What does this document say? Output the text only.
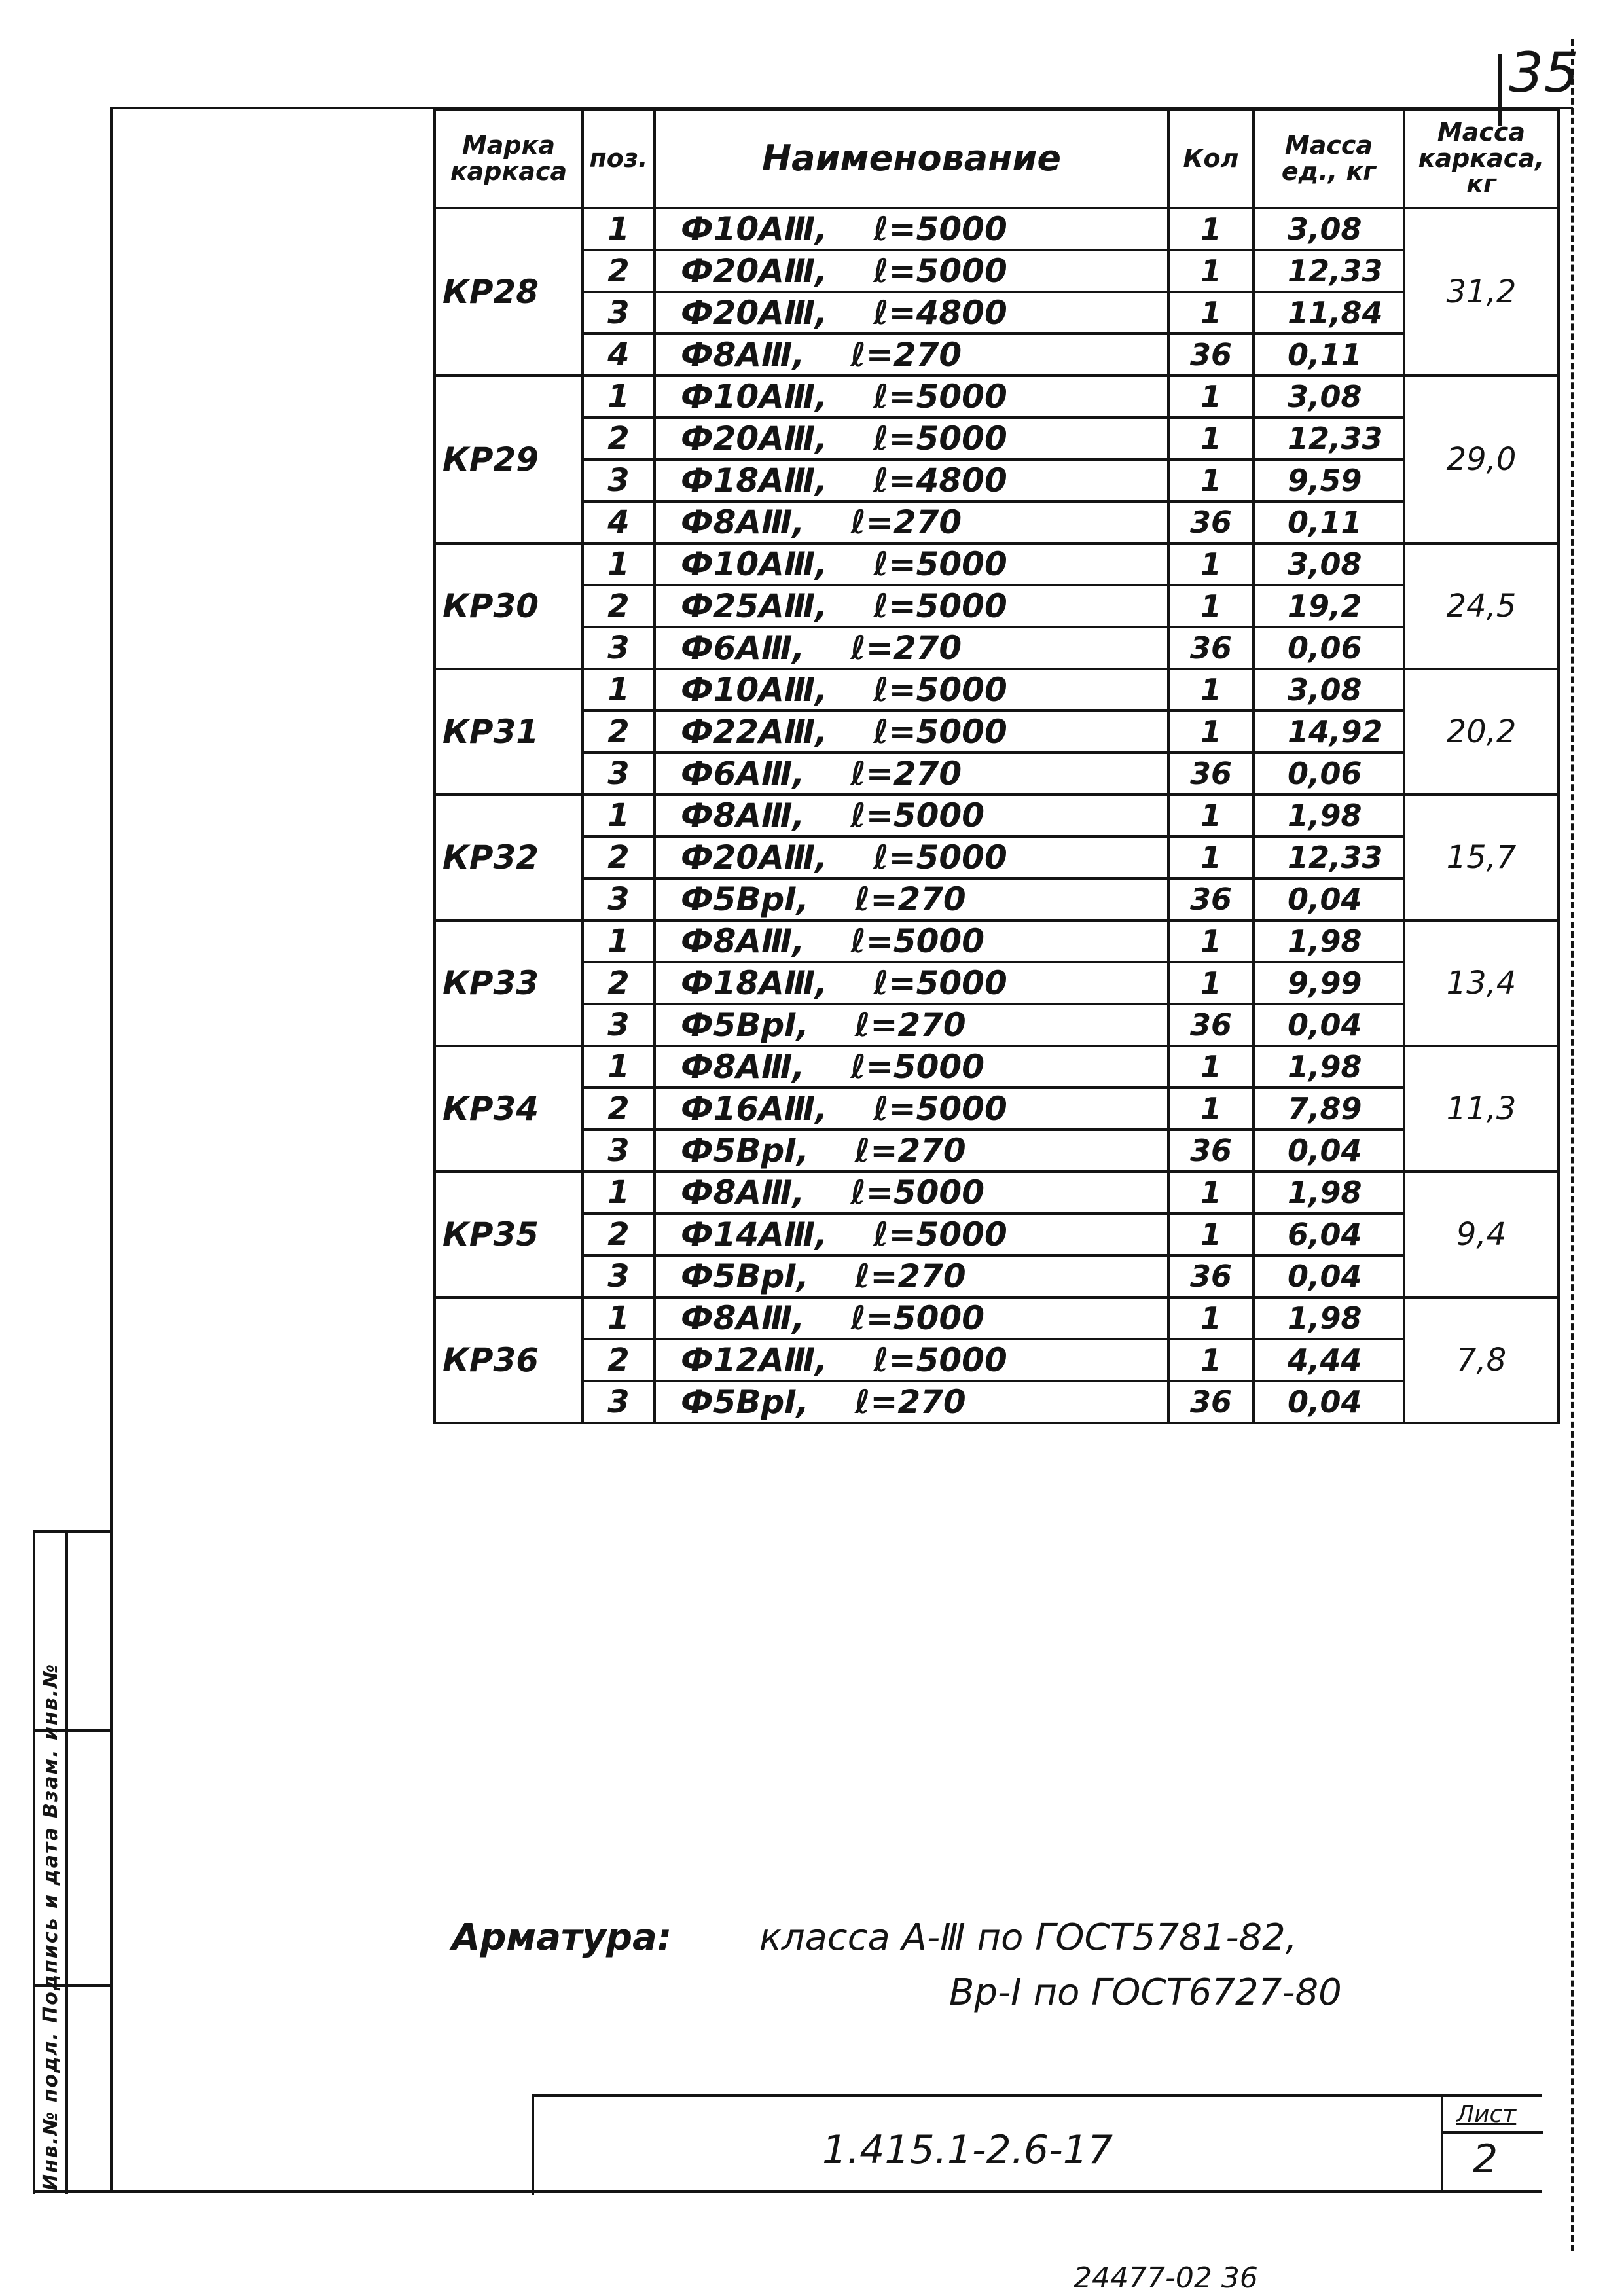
35
Марка каркаса	поз.	Наименование	Кол	Масса ед., кг	Масса каркаса, кг
КР28	1	Ф10АⅢ, ℓ=5000	1	3,08	31,2
	2	Ф20АⅢ, ℓ=5000	1	12,33	
	3	Ф20АⅢ, ℓ=4800	1	11,84	
	4	Ф8АⅢ, ℓ=270	36	0,11	
КР29	1	Ф10АⅢ, ℓ=5000	1	3,08	29,0
	2	Ф20АⅢ, ℓ=5000	1	12,33	
	3	Ф18АⅢ, ℓ=4800	1	9,59	
	4	Ф8АⅢ, ℓ=270	36	0,11	
КР30	1	Ф10АⅢ, ℓ=5000	1	3,08	24,5
	2	Ф25АⅢ, ℓ=5000	1	19,2	
	3	Ф6АⅢ, ℓ=270	36	0,06	
КР31	1	Ф10АⅢ, ℓ=5000	1	3,08	20,2
	2	Ф22АⅢ, ℓ=5000	1	14,92	
	3	Ф6АⅢ, ℓ=270	36	0,06	
КР32	1	Ф8АⅢ, ℓ=5000	1	1,98	15,7
	2	Ф20АⅢ, ℓ=5000	1	12,33	
	3	Ф5ВрⅠ, ℓ=270	36	0,04	
КР33	1	Ф8АⅢ, ℓ=5000	1	1,98	13,4
	2	Ф18АⅢ, ℓ=5000	1	9,99	
	3	Ф5ВрⅠ, ℓ=270	36	0,04	
КР34	1	Ф8АⅢ, ℓ=5000	1	1,98	11,3
	2	Ф16АⅢ, ℓ=5000	1	7,89	
	3	Ф5ВрⅠ, ℓ=270	36	0,04	
КР35	1	Ф8АⅢ, ℓ=5000	1	1,98	9,4
	2	Ф14АⅢ, ℓ=5000	1	6,04	
	3	Ф5ВрⅠ, ℓ=270	36	0,04	
КР36	1	Ф8АⅢ, ℓ=5000	1	1,98	7,8
	2	Ф12АⅢ, ℓ=5000	1	4,44	
	3	Ф5ВрⅠ, ℓ=270	36	0,04	
Арматура: класса А-Ⅲ по ГОСТ5781-82,
Вр-Ⅰ по ГОСТ6727-80
1.415.1-2.6-17
Лист
2
Инв.№ подл. Подпись и дата Взам. инв.№
24477-02 36
